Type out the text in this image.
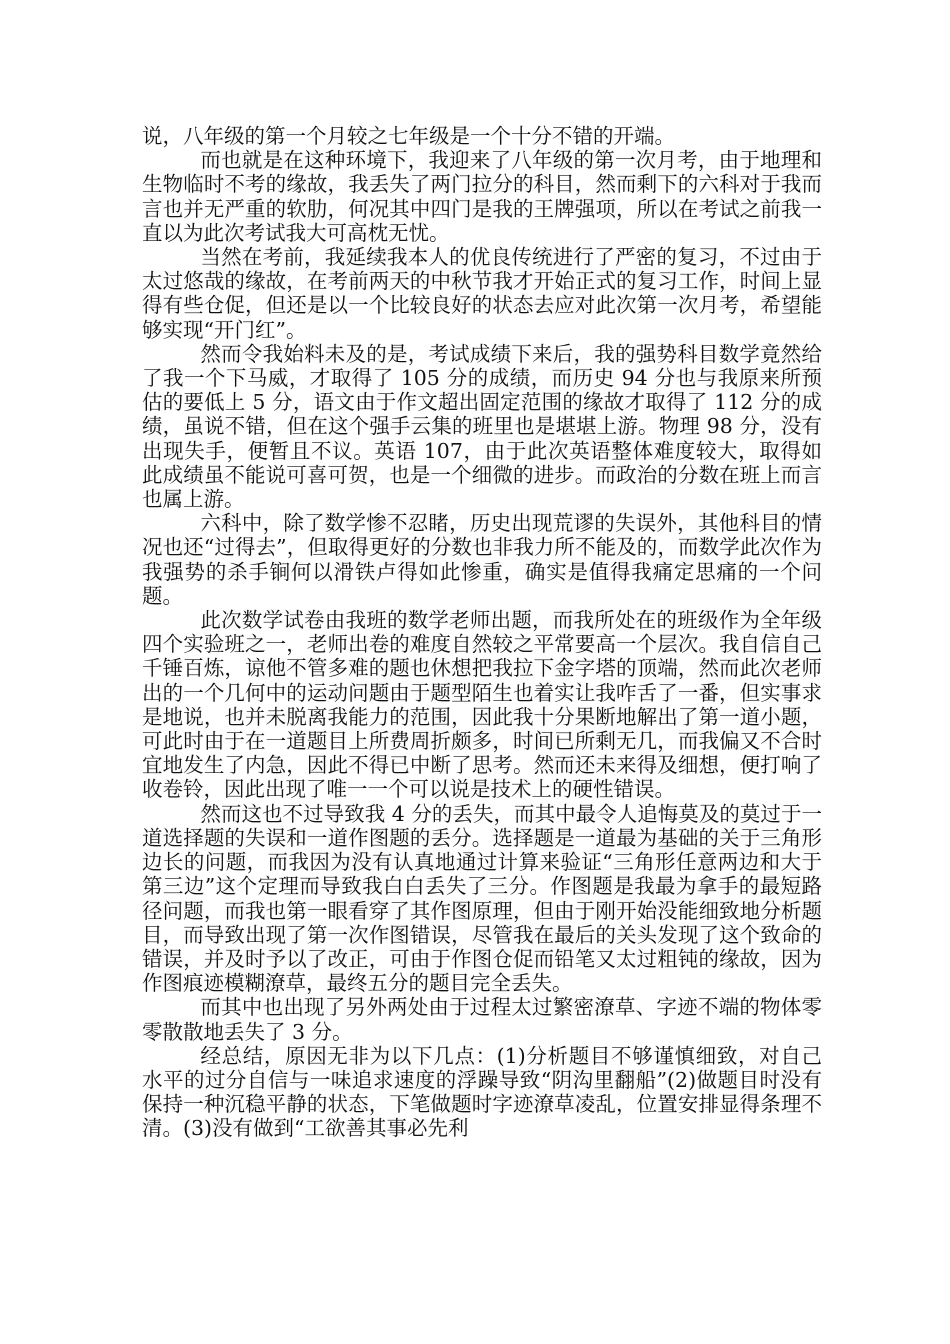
说，八年级的第一个月较之七年级是一个十分不错的开端。

而也就是在这种环境下，我迎来了八年级的第一次月考，由于地理和生物临时不考的缘故，我丢失了两门拉分的科目，然而剩下的六科对于我而言也并无严重的软肋，何况其中四门是我的王牌强项，所以在考试之前我一直以为此次考试我大可高枕无忧。

当然在考前，我延续我本人的优良传统进行了严密的复习，不过由于太过悠哉的缘故，在考前两天的中秋节我才开始正式的复习工作，时间上显得有些仓促，但还是以一个比较良好的状态去应对此次第一次月考，希望能够实现“开门红”。

然而令我始料未及的是，考试成绩下来后，我的强势科目数学竟然给了我一个下马威，才取得了 105 分的成绩，而历史 94 分也与我原来所预估的要低上 5 分，语文由于作文超出固定范围的缘故才取得了 112 分的成绩，虽说不错，但在这个强手云集的班里也是堪堪上游。物理 98 分，没有出现失手，便暂且不议。英语 107，由于此次英语整体难度较大，取得如此成绩虽不能说可喜可贺，也是一个细微的进步。而政治的分数在班上而言也属上游。

六科中，除了数学惨不忍睹，历史出现荒谬的失误外，其他科目的情况也还“过得去”，但取得更好的分数也非我力所不能及的，而数学此次作为我强势的杀手锏何以滑铁卢得如此惨重，确实是值得我痛定思痛的一个问题。

此次数学试卷由我班的数学老师出题，而我所处在的班级作为全年级四个实验班之一，老师出卷的难度自然较之平常要高一个层次。我自信自己千锤百炼，谅他不管多难的题也休想把我拉下金字塔的顶端，然而此次老师出的一个几何中的运动问题由于题型陌生也着实让我咋舌了一番，但实事求是地说，也并未脱离我能力的范围，因此我十分果断地解出了第一道小题，可此时由于在一道题目上所费周折颇多，时间已所剩无几，而我偏又不合时宜地发生了内急，因此不得已中断了思考。然而还未来得及细想，便打响了收卷铃，因此出现了唯一一个可以说是技术上的硬性错误。

然而这也不过导致我 4 分的丢失，而其中最令人追悔莫及的莫过于一道选择题的失误和一道作图题的丢分。选择题是一道最为基础的关于三角形边长的问题，而我因为没有认真地通过计算来验证“三角形任意两边和大于第三边”这个定理而导致我白白丢失了三分。作图题是我最为拿手的最短路径问题，而我也第一眼看穿了其作图原理，但由于刚开始没能细致地分析题目，而导致出现了第一次作图错误，尽管我在最后的关头发现了这个致命的错误，并及时予以了改正，可由于作图仓促而铅笔又太过粗钝的缘故，因为作图痕迹模糊潦草，最终五分的题目完全丢失。

而其中也出现了另外两处由于过程太过繁密潦草、字迹不端的物体零零散散地丢失了 3 分。

经总结，原因无非为以下几点：(1)分析题目不够谨慎细致，对自己水平的过分自信与一味追求速度的浮躁导致“阴沟里翻船”(2)做题目时没有保持一种沉稳平静的状态，下笔做题时字迹潦草凌乱，位置安排显得条理不清。(3)没有做到“工欲善其事必先利
